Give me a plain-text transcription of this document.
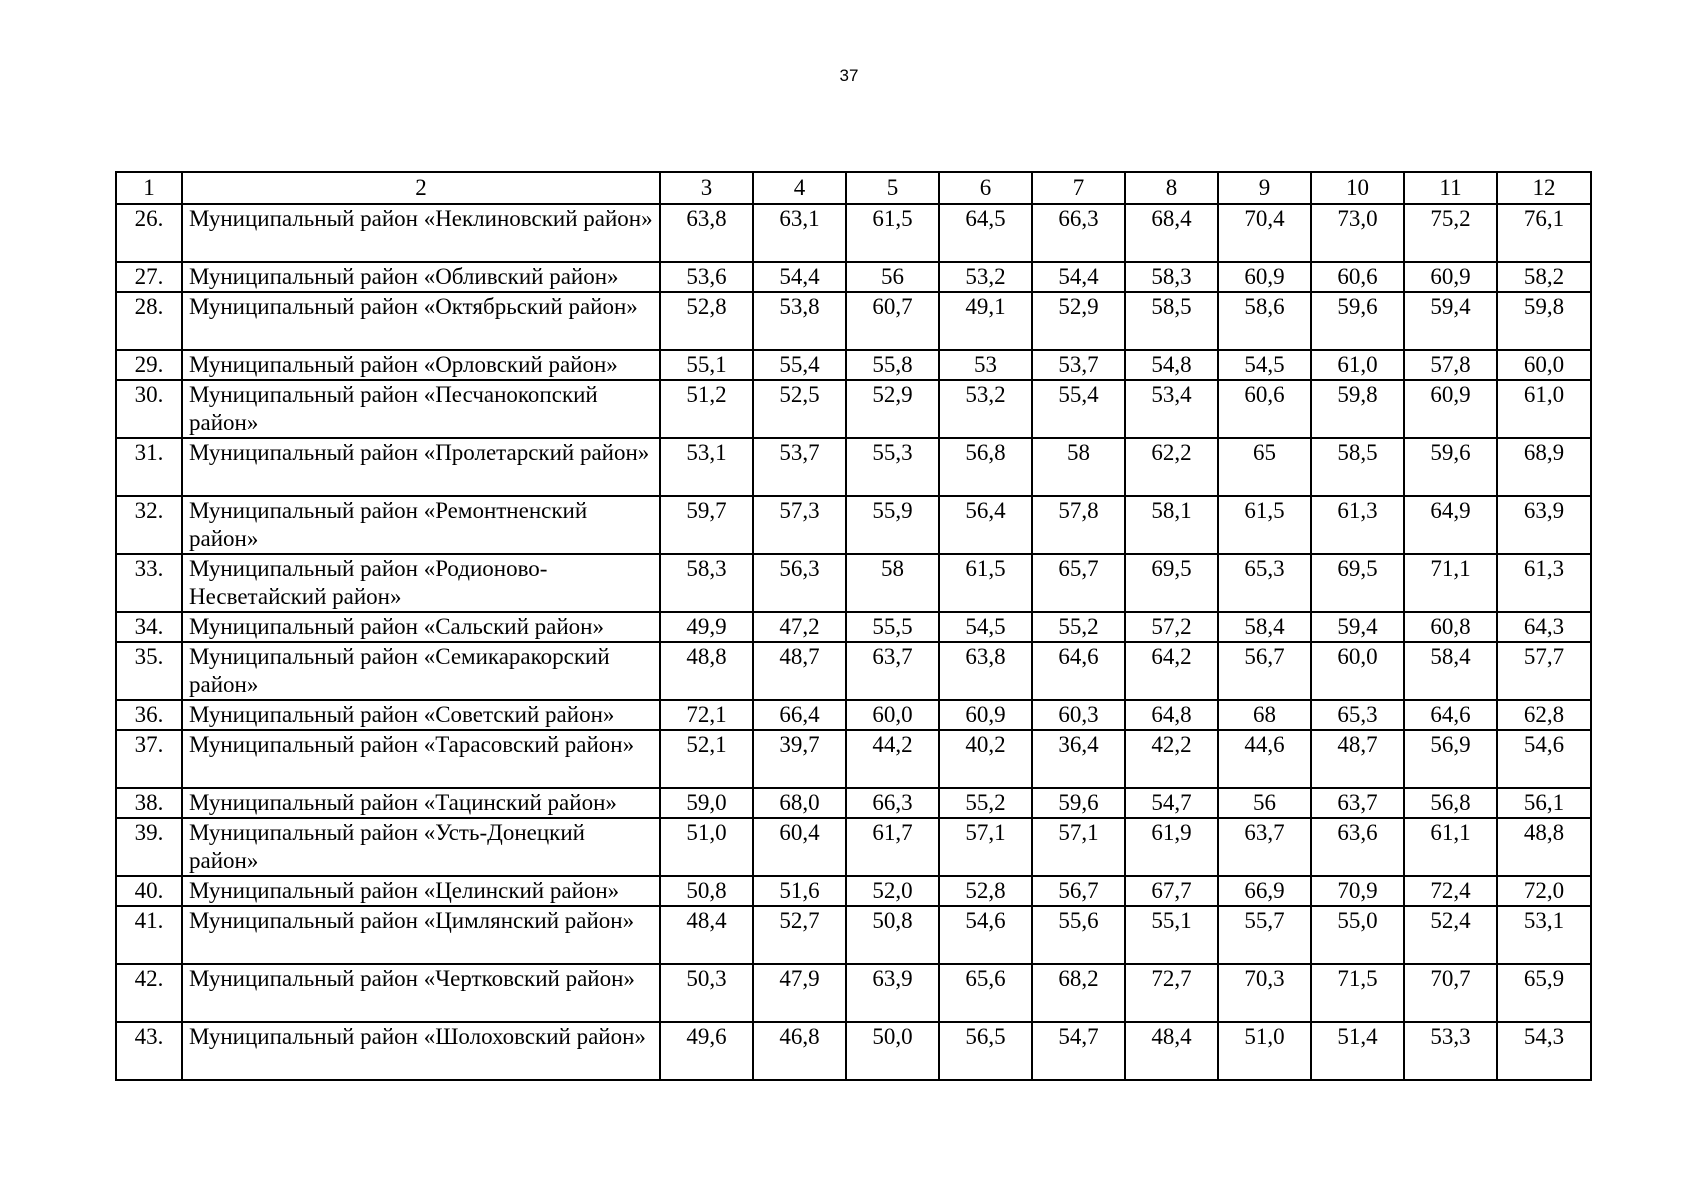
37
1	2	3	4	5	6	7	8	9	10	11	12
26.	Муниципальный район «Неклиновский район»	63,8	63,1	61,5	64,5	66,3	68,4	70,4	73,0	75,2	76,1
27.	Муниципальный район «Обливский район»	53,6	54,4	56	53,2	54,4	58,3	60,9	60,6	60,9	58,2
28.	Муниципальный район «Октябрьский район»	52,8	53,8	60,7	49,1	52,9	58,5	58,6	59,6	59,4	59,8
29.	Муниципальный район «Орловский район»	55,1	55,4	55,8	53	53,7	54,8	54,5	61,0	57,8	60,0
30.	Муниципальный район «Песчанокопский район»	51,2	52,5	52,9	53,2	55,4	53,4	60,6	59,8	60,9	61,0
31.	Муниципальный район «Пролетарский район»	53,1	53,7	55,3	56,8	58	62,2	65	58,5	59,6	68,9
32.	Муниципальный район «Ремонтненский район»	59,7	57,3	55,9	56,4	57,8	58,1	61,5	61,3	64,9	63,9
33.	Муниципальный район «Родионово-Несветайский район»	58,3	56,3	58	61,5	65,7	69,5	65,3	69,5	71,1	61,3
34.	Муниципальный район «Сальский район»	49,9	47,2	55,5	54,5	55,2	57,2	58,4	59,4	60,8	64,3
35.	Муниципальный район «Семикаракорский район»	48,8	48,7	63,7	63,8	64,6	64,2	56,7	60,0	58,4	57,7
36.	Муниципальный район «Советский район»	72,1	66,4	60,0	60,9	60,3	64,8	68	65,3	64,6	62,8
37.	Муниципальный район «Тарасовский район»	52,1	39,7	44,2	40,2	36,4	42,2	44,6	48,7	56,9	54,6
38.	Муниципальный район «Тацинский район»	59,0	68,0	66,3	55,2	59,6	54,7	56	63,7	56,8	56,1
39.	Муниципальный район «Усть-Донецкий район»	51,0	60,4	61,7	57,1	57,1	61,9	63,7	63,6	61,1	48,8
40.	Муниципальный район «Целинский район»	50,8	51,6	52,0	52,8	56,7	67,7	66,9	70,9	72,4	72,0
41.	Муниципальный район «Цимлянский район»	48,4	52,7	50,8	54,6	55,6	55,1	55,7	55,0	52,4	53,1
42.	Муниципальный район «Чертковский район»	50,3	47,9	63,9	65,6	68,2	72,7	70,3	71,5	70,7	65,9
43.	Муниципальный район «Шолоховский район»	49,6	46,8	50,0	56,5	54,7	48,4	51,0	51,4	53,3	54,3
